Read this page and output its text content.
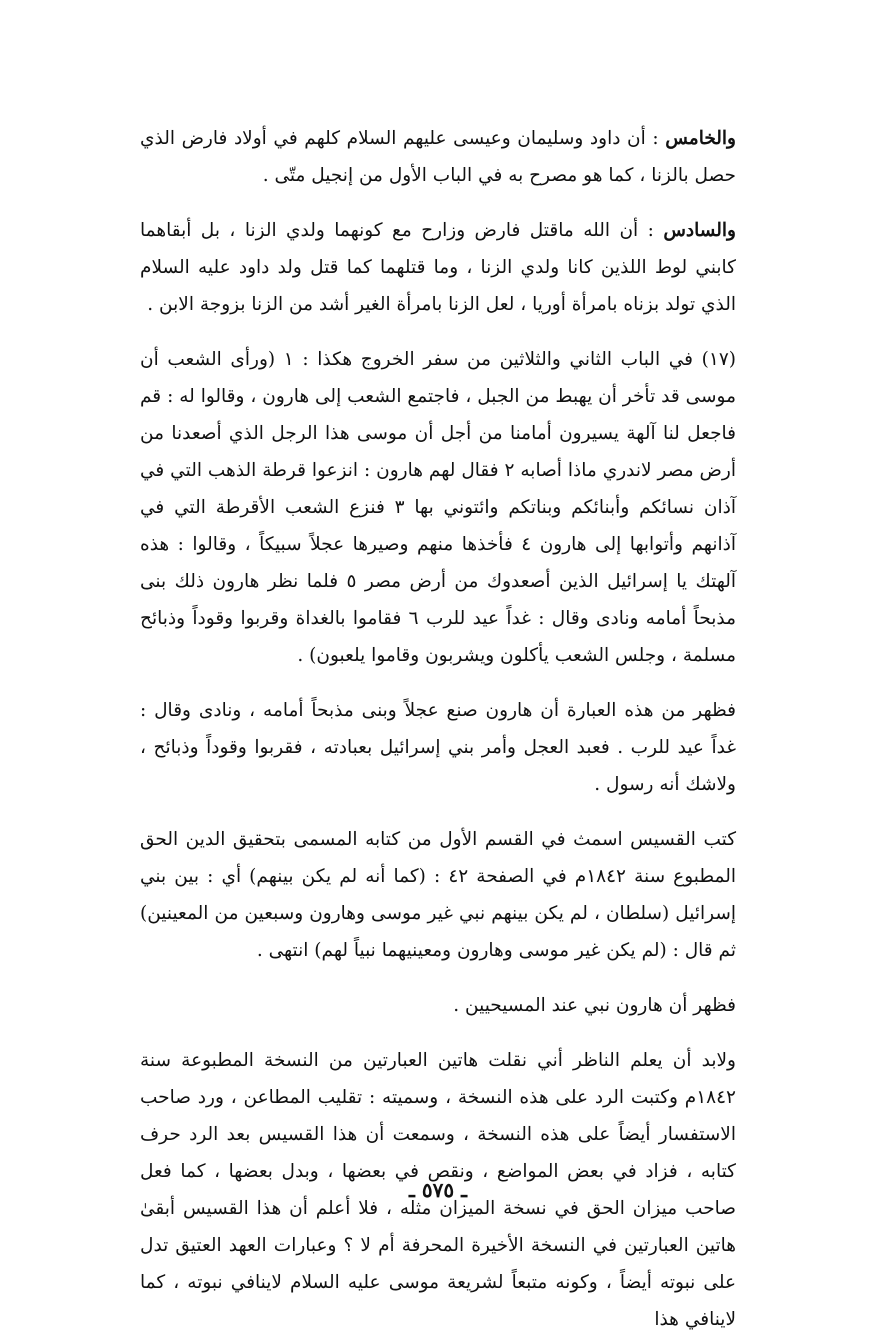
والخامس : أن داود وسليمان وعيسى عليهم السلام كلهم في أولاد فارض الذي حصل بالزنا ، كما هو مصرح به في الباب الأول من إنجيل متّى .

والسادس : أن الله ماقتل فارض وزارح مع كونهما ولدي الزنا ، بل أبقاهما كابني لوط اللذين كانا ولدي الزنا ، وما قتلهما كما قتل ولد داود عليه السلام الذي تولد بزناه بامرأة أوريا ، لعل الزنا بامرأة الغير أشد من الزنا بزوجة الابن .

(١٧) في الباب الثاني والثلاثين من سفر الخروج هكذا : ١ (ورأى الشعب أن موسى قد تأخر أن يهبط من الجبل ، فاجتمع الشعب إلى هارون ، وقالوا له : قم فاجعل لنا آلهة يسيرون أمامنا من أجل أن موسى هذا الرجل الذي أصعدنا من أرض مصر لاندري ماذا أصابه ٢ فقال لهم هارون : انزعوا قرطة الذهب التي في آذان نسائكم وأبنائكم وبناتكم وائتوني بها ٣ فنزع الشعب الأقرطة التي في آذانهم وأتوابها إلى هارون ٤ فأخذها منهم وصيرها عجلاً سبيكاً ، وقالوا : هذه آلهتك يا إسرائيل الذين أصعدوك من أرض مصر ٥ فلما نظر هارون ذلك بنى مذبحاً أمامه ونادى وقال : غداً عيد للرب ٦ فقاموا بالغداة وقربوا وقوداً وذبائح مسلمة ، وجلس الشعب يأكلون ويشربون وقاموا يلعبون) .

فظهر من هذه العبارة أن هارون صنع عجلاً وبنى مذبحاً أمامه ، ونادى وقال : غداً عيد للرب . فعبد العجل وأمر بني إسرائيل بعبادته ، فقربوا وقوداً وذبائح ، ولاشك أنه رسول .

كتب القسيس اسمث في القسم الأول من كتابه المسمى بتحقيق الدين الحق المطبوع سنة ١٨٤٢م في الصفحة ٤٢ : (كما أنه لم يكن بينهم) أي : بين بني إسرائيل (سلطان ، لم يكن بينهم نبي غير موسى وهارون وسبعين من المعينين) ثم قال : (لم يكن غير موسى وهارون ومعينيهما نبياً لهم) انتهى .

فظهر أن هارون نبي عند المسيحيين .

ولابد أن يعلم الناظر أني نقلت هاتين العبارتين من النسخة المطبوعة سنة ١٨٤٢م وكتبت الرد على هذه النسخة ، وسميته : تقليب المطاعن ، ورد صاحب الاستفسار أيضاً على هذه النسخة ، وسمعت أن هذا القسيس بعد الرد حرف كتابه ، فزاد في بعض المواضع ، ونقص في بعضها ، وبدل بعضها ، كما فعل صاحب ميزان الحق في نسخة الميزان مثله ، فلا أعلم أن هذا القسيس أبقىٰ هاتين العبارتين في النسخة الأخيرة المحرفة أم لا ؟ وعبارات العهد العتيق تدل على نبوته أيضاً ، وكونه متبعاً لشريعة موسى عليه السلام لاينافي نبوته ، كما لاينافي هذا

ـ ٥٧٥ ـ
